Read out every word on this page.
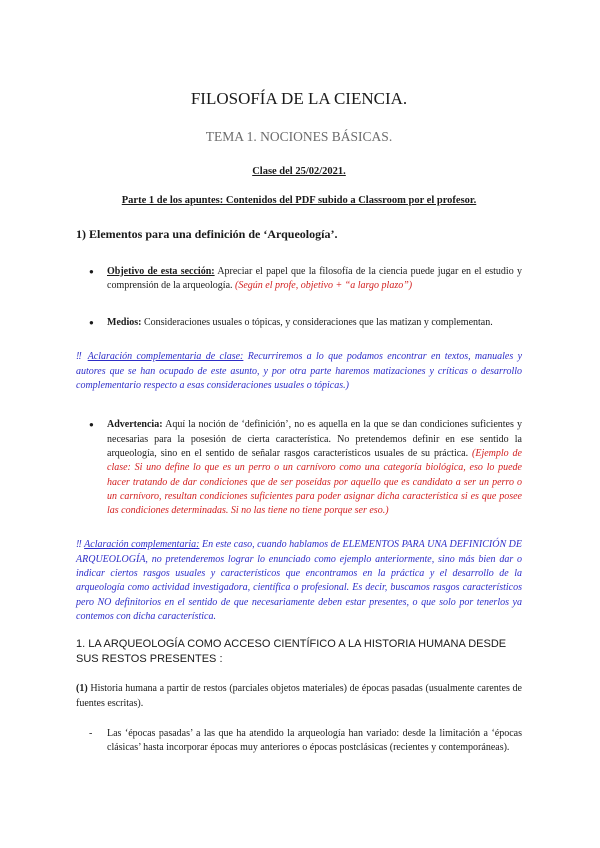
FILOSOFÍA DE LA CIENCIA.

TEMA 1. NOCIONES BÁSICAS.

Clase del 25/02/2021.

Parte 1 de los apuntes: Contenidos del PDF subido a Classroom por el profesor.

1) Elementos para una definición de ‘Arqueología’.

● Objetivo de esta sección: Apreciar el papel que la filosofía de la ciencia puede jugar en el estudio y comprensión de la arqueología. (Según el profe, objetivo + “a largo plazo”)
● Medios: Consideraciones usuales o tópicas, y consideraciones que las matizan y complementan.

‼ Aclaración complementaria de clase: Recurriremos a lo que podamos encontrar en textos, manuales y autores que se han ocupado de este asunto, y por otra parte haremos matizaciones y críticas o desarrollo complementario respecto a esas consideraciones usuales o tópicas.)

● Advertencia: Aquí la noción de ‘definición’, no es aquella en la que se dan condiciones suficientes y necesarias para la posesión de cierta característica. No pretendemos definir en ese sentido la arqueología, sino en el sentido de señalar rasgos característicos usuales de su práctica. (Ejemplo de clase: Si uno define lo que es un perro o un carnívoro como una categoría biológica, eso lo puede hacer tratando de dar condiciones que de ser poseídas por aquello que es candidato a ser un perro o un carnívoro, resultan condiciones suficientes para poder asignar dicha característica si es que posee las condiciones determinadas. Si no las tiene no tiene porque ser eso.)

‼ Aclaración complementaria: En este caso, cuando hablamos de ELEMENTOS PARA UNA DEFINICIÓN DE ARQUEOLOGÍA, no pretenderemos lograr lo enunciado como ejemplo anteriormente, sino más bien dar o indicar ciertos rasgos usuales y característicos que encontramos en la práctica y el desarrollo de la arqueología como actividad investigadora, científica o profesional. Es decir, buscamos rasgos característicos pero NO definitorios en el sentido de que necesariamente deben estar presentes, o que solo por tenerlos ya contemos con dicha característica.

1. LA ARQUEOLOGÍA COMO ACCESO CIENTÍFICO A LA HISTORIA HUMANA DESDE SUS RESTOS PRESENTES :

(1) Historia humana a partir de restos (parciales objetos materiales) de épocas pasadas (usualmente carentes de fuentes escritas).

- Las ‘épocas pasadas’ a las que ha atendido la arqueología han variado: desde la limitación a ‘épocas clásicas’ hasta incorporar épocas muy anteriores o épocas postclásicas (recientes y contemporáneas).
